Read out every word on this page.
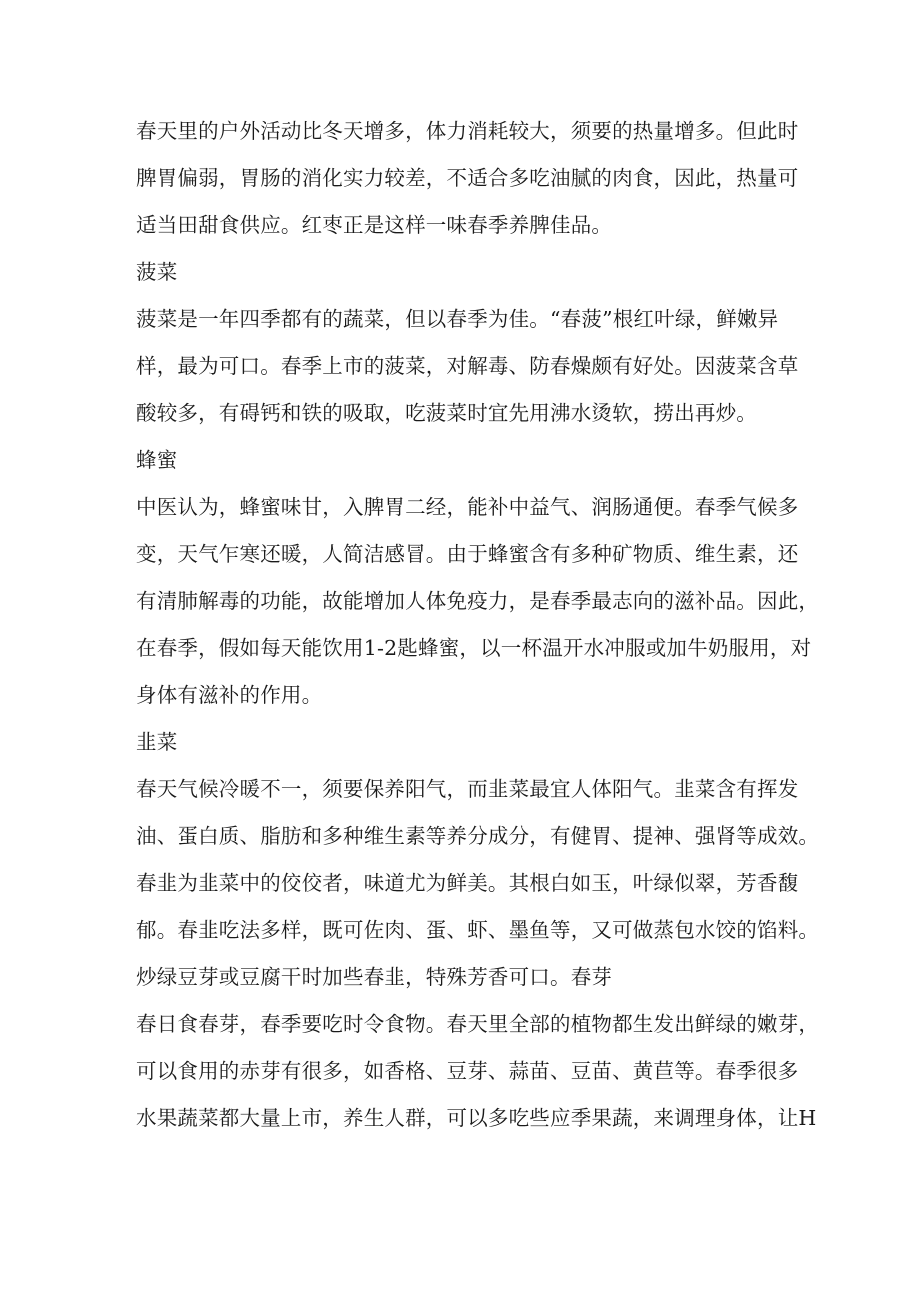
春天里的户外活动比冬天增多，体力消耗较大，须要的热量增多。但此时
脾胃偏弱，胃肠的消化实力较差，不适合多吃油腻的肉食，因此，热量可
适当田甜食供应。红枣正是这样一味春季养脾佳品。
菠菜
菠菜是一年四季都有的蔬菜，但以春季为佳。“春菠”根红叶绿，鲜嫩异
样，最为可口。春季上市的菠菜，对解毒、防春燥颇有好处。因菠菜含草
酸较多，有碍钙和铁的吸取，吃菠菜时宜先用沸水烫软，捞出再炒。
蜂蜜
中医认为，蜂蜜味甘，入脾胃二经，能补中益气、润肠通便。春季气候多
变，天气乍寒还暖，人简洁感冒。由于蜂蜜含有多种矿物质、维生素，还
有清肺解毒的功能，故能增加人体免疫力，是春季最志向的滋补品。因此，
在春季，假如每天能饮用1-2匙蜂蜜，以一杯温开水冲服或加牛奶服用，对
身体有滋补的作用。
韭菜
春天气候冷暖不一，须要保养阳气，而韭菜最宜人体阳气。韭菜含有挥发
油、蛋白质、脂肪和多种维生素等养分成分，有健胃、提神、强肾等成效。
春韭为韭菜中的佼佼者，味道尤为鲜美。其根白如玉，叶绿似翠，芳香馥
郁。春韭吃法多样，既可佐肉、蛋、虾、墨鱼等，又可做蒸包水饺的馅料。
炒绿豆芽或豆腐干时加些春韭，特殊芳香可口。春芽
春日食春芽，春季要吃时令食物。春天里全部的植物都生发出鲜绿的嫩芽，
可以食用的赤芽有很多，如香格、豆芽、蒜苗、豆苗、黄苣等。春季很多
水果蔬菜都大量上市，养生人群，可以多吃些应季果蔬，来调理身体，让H
